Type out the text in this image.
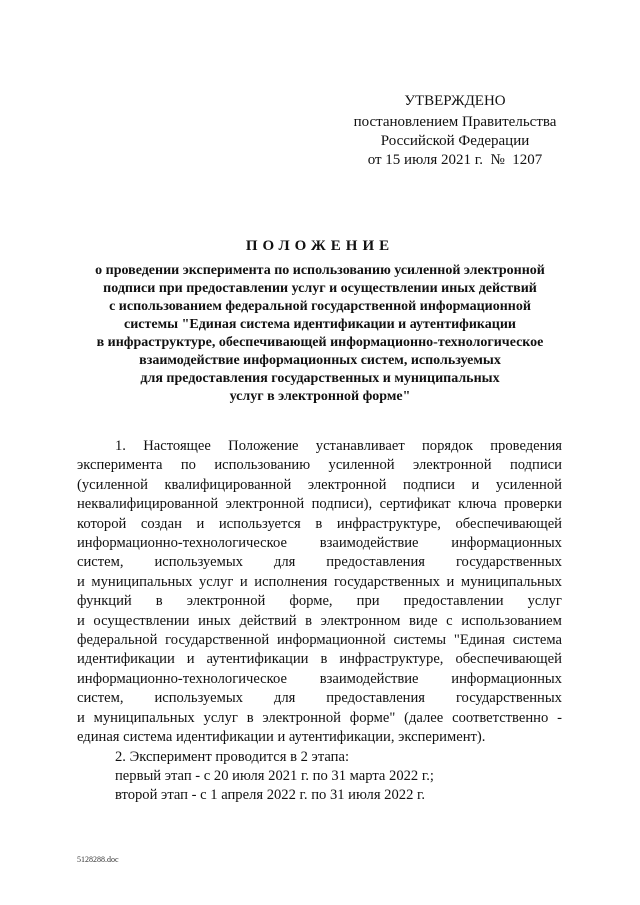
УТВЕРЖДЕНО
постановлением Правительства
Российской Федерации
от 15 июля 2021 г.  №  1207
ПОЛОЖЕНИЕ
о проведении эксперимента по использованию усиленной электронной
подписи при предоставлении услуг и осуществлении иных действий
с использованием федеральной государственной информационной
системы "Единая система идентификации и аутентификации
в инфраструктуре, обеспечивающей информационно-технологическое
взаимодействие информационных систем, используемых
для предоставления государственных и муниципальных
услуг в электронной форме"
1. Настоящее Положение устанавливает порядок проведения
эксперимента по использованию усиленной электронной подписи
(усиленной квалифицированной электронной подписи и усиленной
неквалифицированной электронной подписи), сертификат ключа проверки
которой создан и используется в инфраструктуре, обеспечивающей
информационно-технологическое взаимодействие информационных
систем, используемых для предоставления государственных
и муниципальных услуг и исполнения государственных и муниципальных
функций в электронной форме, при предоставлении услуг
и осуществлении иных действий в электронном виде с использованием
федеральной государственной информационной системы "Единая система
идентификации и аутентификации в инфраструктуре, обеспечивающей
информационно-технологическое взаимодействие информационных
систем, используемых для предоставления государственных
и муниципальных услуг в электронной форме" (далее соответственно -
единая система идентификации и аутентификации, эксперимент).
2. Эксперимент проводится в 2 этапа:
первый этап - с 20 июля 2021 г. по 31 марта 2022 г.;
второй этап - с 1 апреля 2022 г. по 31 июля 2022 г.
5128288.doc
